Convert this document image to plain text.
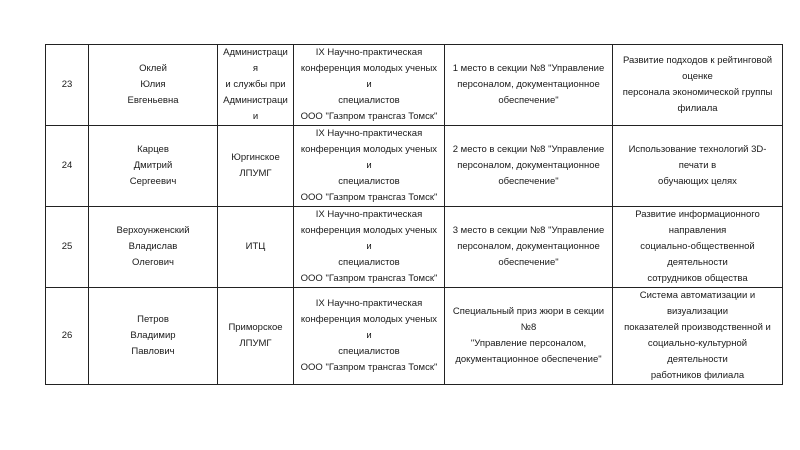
23	Оклей
Юлия
Евгеньевна	Администрация
и службы при
Администрации	IX Научно-практическая
конференция молодых ученых и
специалистов
ООО "Газпром трансгаз Томск"	1 место в секции №8 "Управление
персоналом, документационное
обеспечение"	Развитие подходов к рейтинговой оценке
персонала экономической группы
филиала

24	Карцев
Дмитрий
Сергеевич	Юргинское
ЛПУМГ	IX Научно-практическая
конференция молодых ученых и
специалистов
ООО "Газпром трансгаз Томск"	2 место в секции №8 "Управление
персоналом, документационное
обеспечение"	Использование технологий 3D-печати в
обучающих целях

25	Верхоунженский
Владислав
Олегович	ИТЦ	IX Научно-практическая
конференция молодых ученых и
специалистов
ООО "Газпром трансгаз Томск"	3 место в секции №8 "Управление
персоналом, документационное
обеспечение"	Развитие информационного направления
социально-общественной деятельности
сотрудников общества

26	Петров
Владимир
Павлович	Приморское
ЛПУМГ	IX Научно-практическая
конференция молодых ученых и
специалистов
ООО "Газпром трансгаз Томск"	Специальный приз жюри в секции №8
"Управление персоналом,
документационное обеспечение"	Система автоматизации и визуализации
показателей производственной и
социально-культурной деятельности
работников филиала
